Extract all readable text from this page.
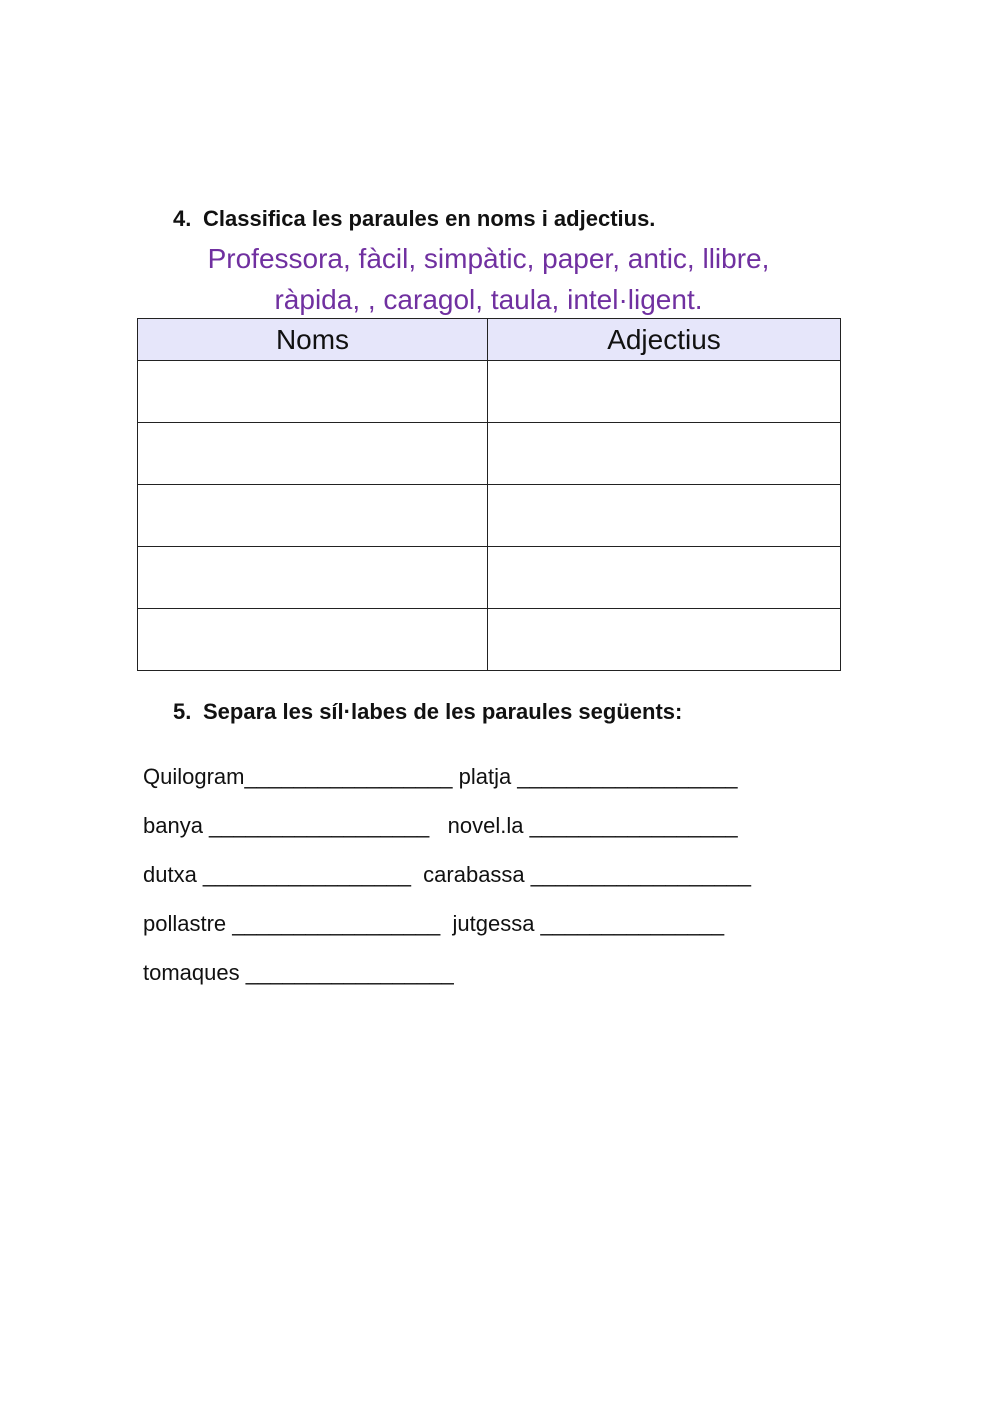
4. Classifica les paraules en noms i adjectius.
Professora, fàcil, simpàtic, paper, antic, llibre,
ràpida, , caragol, taula, intel·ligent.
Noms	Adjectius

5. Separa les síl·labes de les paraules següents:
Quilogram_________________ platja __________________
banya __________________   novel.la _________________
dutxa _________________  carabassa __________________
pollastre _________________  jutgessa _______________
tomaques _________________
